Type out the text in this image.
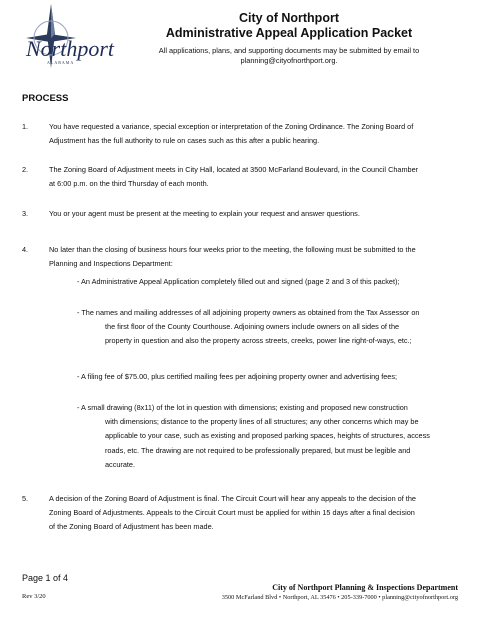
Northport
ALABAMA
City of Northport
Administrative Appeal Application Packet
All applications, plans, and supporting documents may be submitted by email to
planning@cityofnorthport.org.
PROCESS
1.	You have requested a variance, special exception or interpretation of the Zoning Ordinance. The Zoning Board of
Adjustment has the full authority to rule on cases such as this after a public hearing.
2.	The Zoning Board of Adjustment meets in City Hall, located at 3500 McFarland Boulevard, in the Council Chamber
at 6:00 p.m. on the third Thursday of each month.
3.	You or your agent must be present at the meeting to explain your request and answer questions.
4.	No later than the closing of business hours four weeks prior to the meeting, the following must be submitted to the
Planning and Inspections Department:
- An Administrative Appeal Application completely filled out and signed (page 2 and 3 of this packet);
- The names and mailing addresses of all adjoining property owners as obtained from the Tax Assessor on
the first floor of the County Courthouse. Adjoining owners include owners on all sides of the
property in question and also the property across streets, creeks, power line right-of-ways, etc.;
- A filing fee of $75.00, plus certified mailing fees per adjoining property owner and advertising fees;
- A small drawing (8x11) of the lot in question with dimensions; existing and proposed new construction
with dimensions; distance to the property lines of all structures; any other concerns which may be
applicable to your case, such as existing and proposed parking spaces, heights of structures, access
roads, etc. The drawing are not required to be professionally prepared, but must be legible and
accurate.
5.	A decision of the Zoning Board of Adjustment is final. The Circuit Court will hear any appeals to the decision of the
Zoning Board of Adjustments. Appeals to the Circuit Court must be applied for within 15 days after a final decision
of the Zoning Board of Adjustment has been made.
Page 1 of 4
Rev 3/20
City of Northport Planning & Inspections Department
3500 McFarland Blvd • Northport, AL 35476 • 205-339-7000 • planning@cityofnorthport.org
